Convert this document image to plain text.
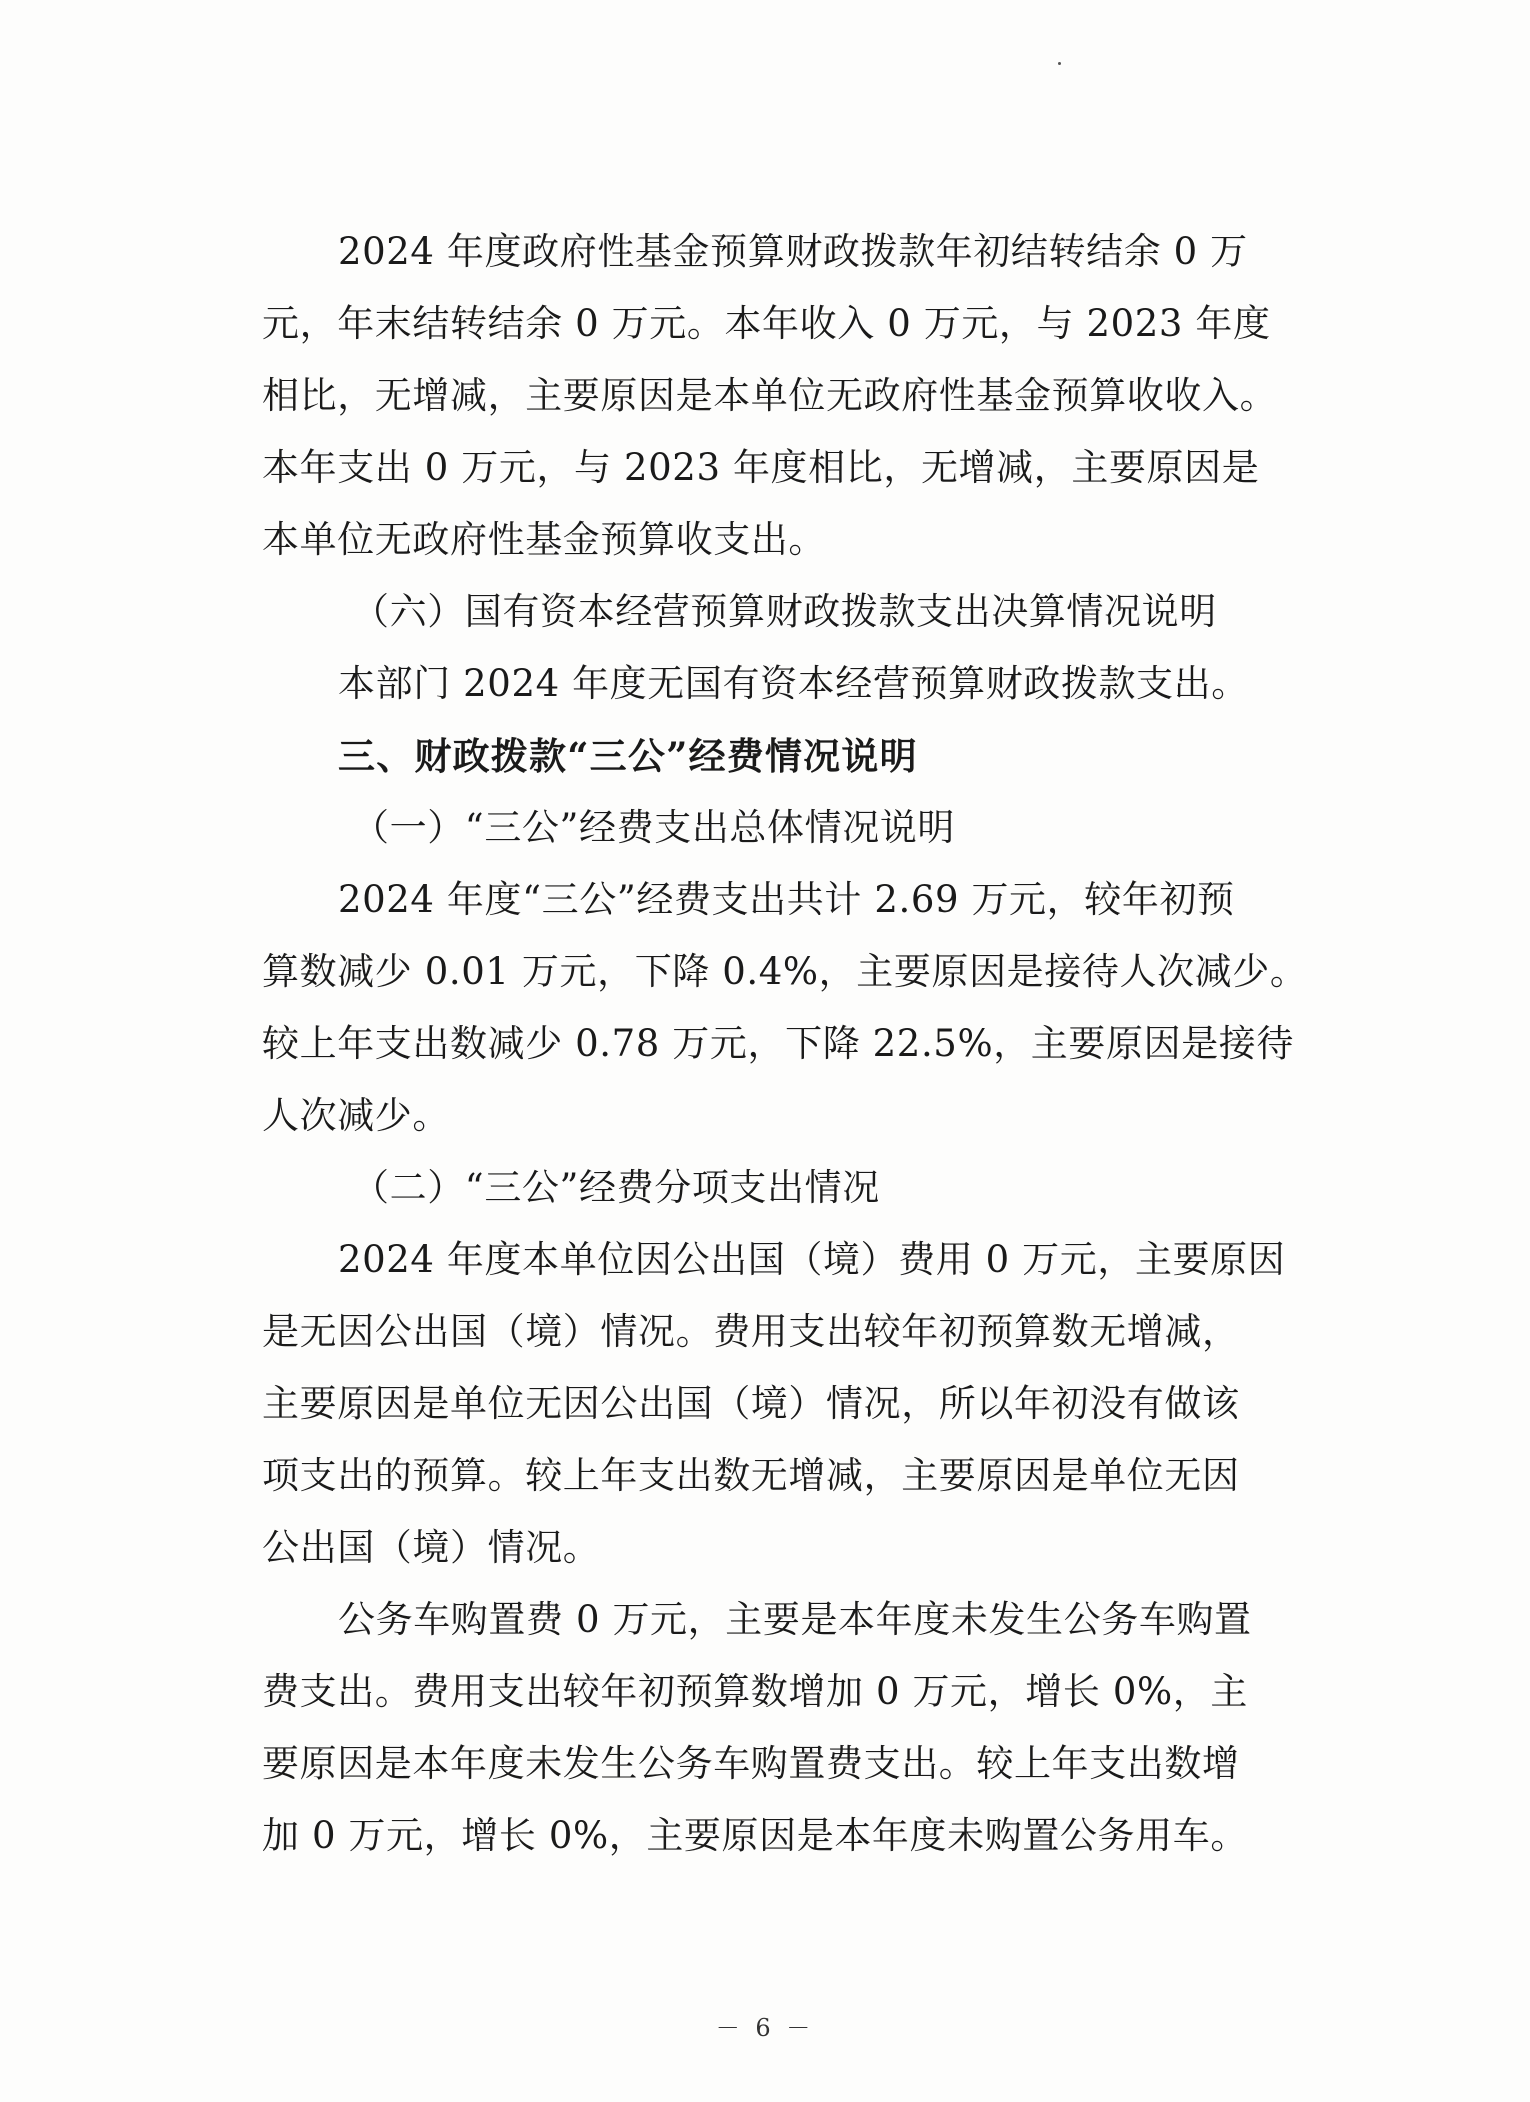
2024 年度政府性基金预算财政拨款年初结转结余 0 万
元，年末结转结余 0 万元。本年收入 0 万元，与 2023 年度
相比，无增减，主要原因是本单位无政府性基金预算收收入。
本年支出 0 万元，与 2023 年度相比，无增减，主要原因是
本单位无政府性基金预算收支出。
（六）国有资本经营预算财政拨款支出决算情况说明
本部门 2024 年度无国有资本经营预算财政拨款支出。
三、财政拨款“三公”经费情况说明
（一）“三公”经费支出总体情况说明
2024 年度“三公”经费支出共计 2.69 万元，较年初预
算数减少 0.01 万元，下降 0.4%，主要原因是接待人次减少。
较上年支出数减少 0.78 万元，下降 22.5%，主要原因是接待
人次减少。
（二）“三公”经费分项支出情况
2024 年度本单位因公出国（境）费用 0 万元，主要原因
是无因公出国（境）情况。费用支出较年初预算数无增减，
主要原因是单位无因公出国（境）情况，所以年初没有做该
项支出的预算。较上年支出数无增减，主要原因是单位无因
公出国（境）情况。
公务车购置费 0 万元，主要是本年度未发生公务车购置
费支出。费用支出较年初预算数增加 0 万元，增长 0%，主
要原因是本年度未发生公务车购置费支出。较上年支出数增
加 0 万元，增长 0%，主要原因是本年度未购置公务用车。
－ 6 －
